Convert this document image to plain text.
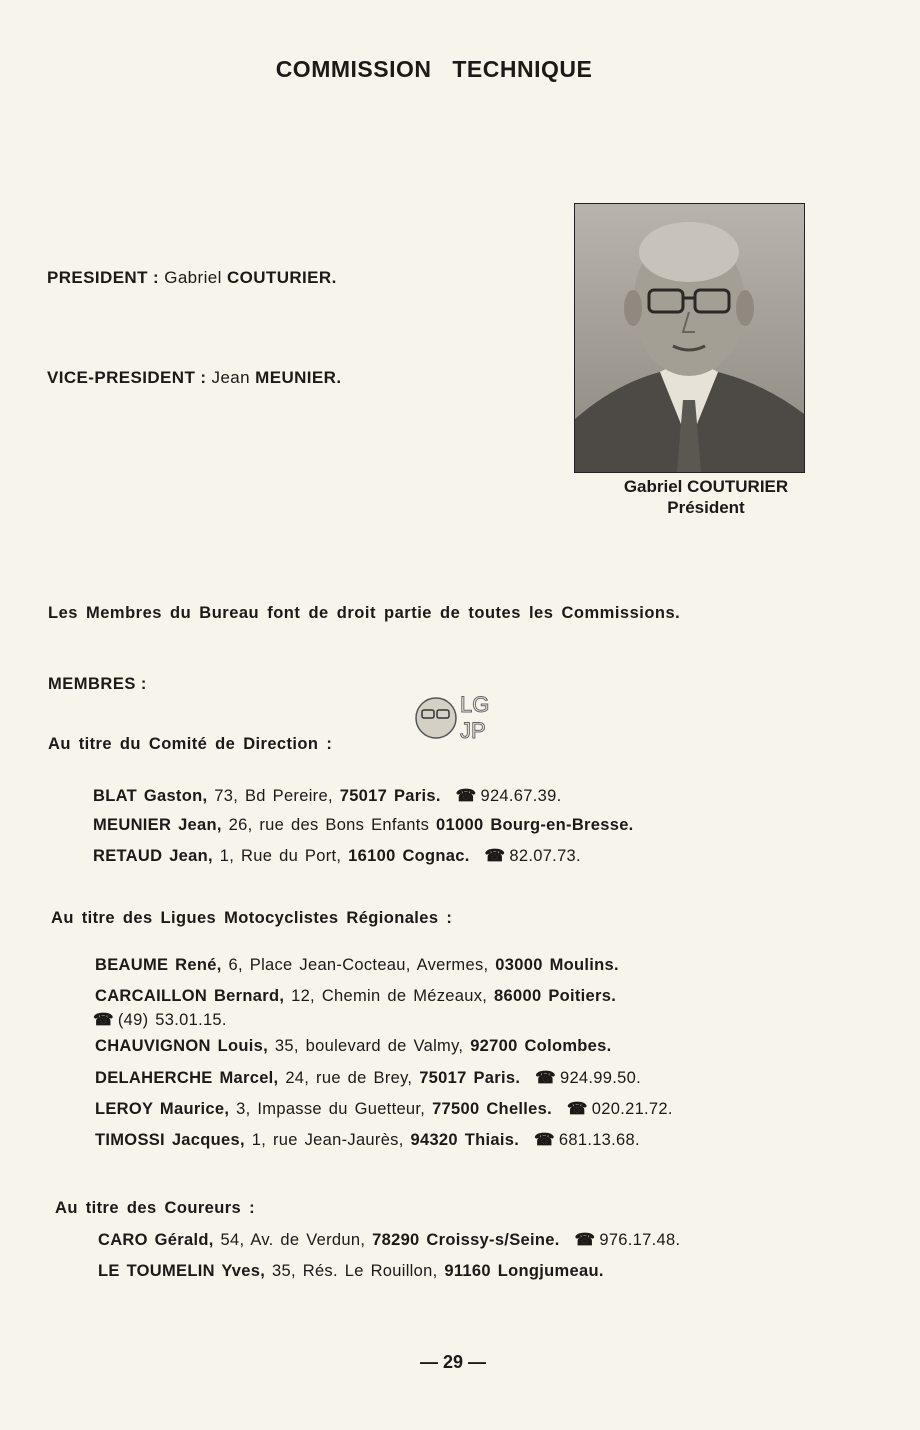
COMMISSION TECHNIQUE
PRESIDENT : Gabriel COUTURIER.
VICE-PRESIDENT : Jean MEUNIER.
Gabriel COUTURIER
Président
Les Membres du Bureau font de droit partie de toutes les Commissions.
MEMBRES :
LG
JP
Au titre du Comité de Direction :
BLAT Gaston, 73, Bd Pereire, 75017 Paris. ☎ 924.67.39.
MEUNIER Jean, 26, rue des Bons Enfants 01000 Bourg-en-Bresse.
RETAUD Jean, 1, Rue du Port, 16100 Cognac. ☎ 82.07.73.
Au titre des Ligues Motocyclistes Régionales :
BEAUME René, 6, Place Jean-Cocteau, Avermes, 03000 Moulins.
CARCAILLON Bernard, 12, Chemin de Mézeaux, 86000 Poitiers.
☎ (49) 53.01.15.
CHAUVIGNON Louis, 35, boulevard de Valmy, 92700 Colombes.
DELAHERCHE Marcel, 24, rue de Brey, 75017 Paris. ☎ 924.99.50.
LEROY Maurice, 3, Impasse du Guetteur, 77500 Chelles. ☎ 020.21.72.
TIMOSSI Jacques, 1, rue Jean-Jaurès, 94320 Thiais. ☎ 681.13.68.
Au titre des Coureurs :
CARO Gérald, 54, Av. de Verdun, 78290 Croissy-s/Seine. ☎ 976.17.48.
LE TOUMELIN Yves, 35, Rés. Le Rouillon, 91160 Longjumeau.
— 29 —
